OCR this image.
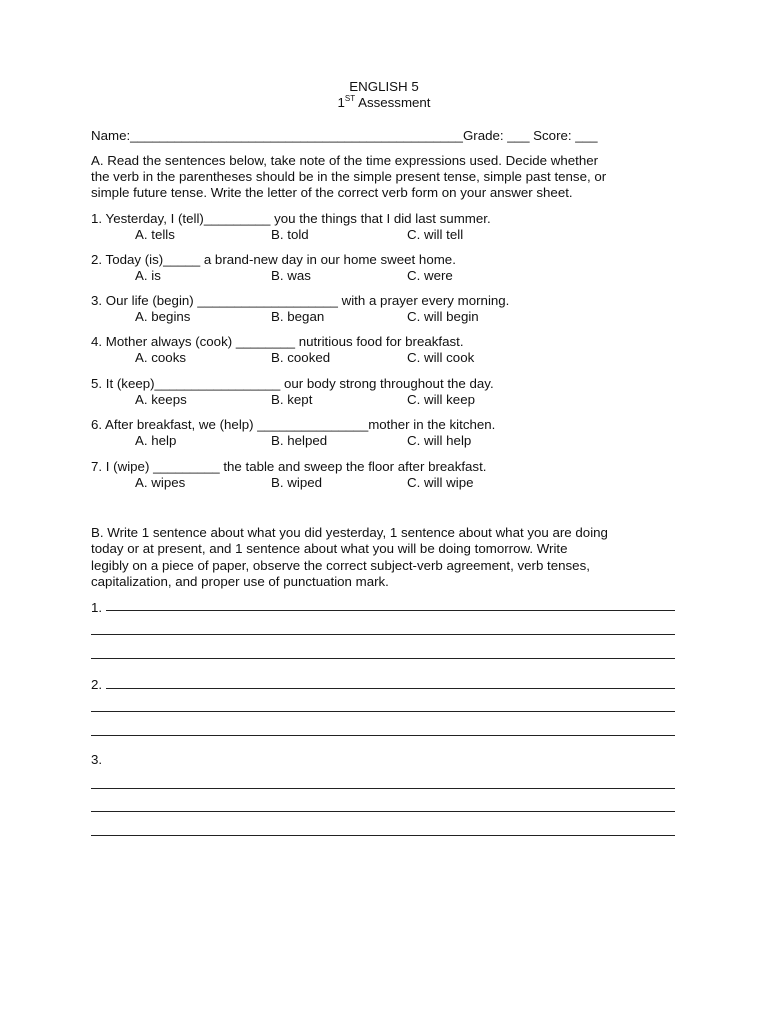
ENGLISH 5
1ST Assessment
Name:_____________________________________________Grade: ___ Score: ___
A. Read the sentences below, take note of the time expressions used. Decide whether
the verb in the parentheses should be in the simple present tense, simple past tense, or
simple future tense. Write the letter of the correct verb form on your answer sheet.
1. Yesterday, I (tell)_________ you the things that I did last summer.
A. tells	B. told	C. will tell
2. Today (is)_____ a brand-new day in our home sweet home.
A. is	B. was	C. were
3. Our life (begin) ___________________ with a prayer every morning.
A. begins	B. began	C. will begin
4. Mother always (cook) ________ nutritious food for breakfast.
A. cooks	B. cooked	C. will cook
5. It (keep)_________________ our body strong throughout the day.
A. keeps	B. kept	C. will keep
6. After breakfast, we (help) _______________mother in the kitchen.
A. help	B. helped	C. will help
7. I (wipe) _________ the table and sweep the floor after breakfast.
A. wipes	B. wiped	C. will wipe
B. Write 1 sentence about what you did yesterday, 1 sentence about what you are doing
today or at present, and 1 sentence about what you will be doing tomorrow. Write
legibly on a piece of paper, observe the correct subject-verb agreement, verb tenses,
capitalization, and proper use of punctuation mark.
1.
2.
3.
